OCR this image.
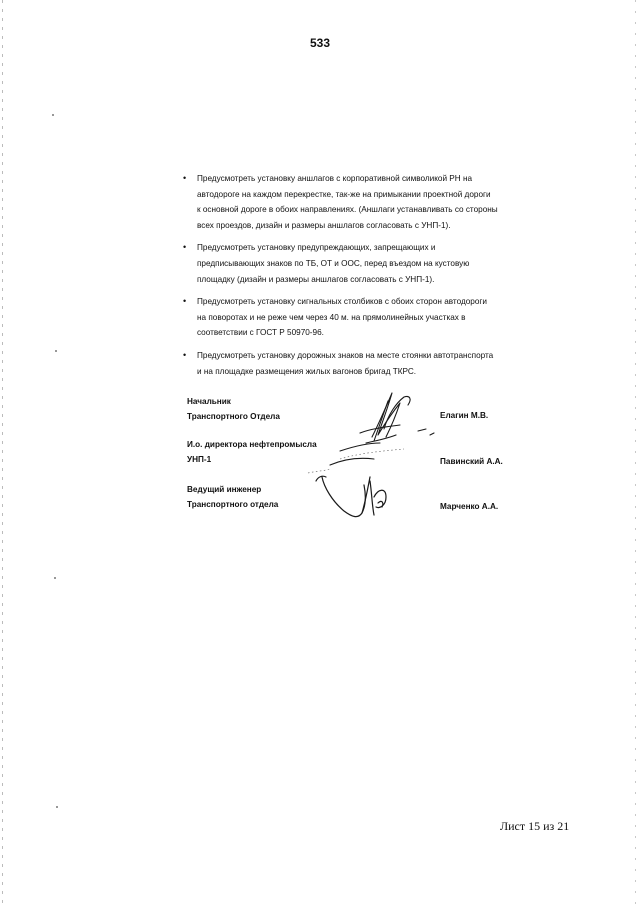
533
• Предусмотреть установку аншлагов с корпоративной символикой РН на
автодороге на каждом перекрестке, так-же на примыкании проектной дороги
к основной дороге в обоих направлениях. (Аншлаги устанавливать со стороны
всех проездов, дизайн и размеры аншлагов согласовать с УНП-1).
• Предусмотреть установку предупреждающих, запрещающих и
предписывающих знаков по ТБ, ОТ и ООС, перед въездом на кустовую
площадку (дизайн и размеры аншлагов согласовать с УНП-1).
• Предусмотреть установку сигнальных столбиков с обоих сторон автодороги
на поворотах и не реже чем через 40 м. на прямолинейных участках в
соответствии с ГОСТ Р 50970-96.
• Предусмотреть установку дорожных знаков на месте стоянки автотранспорта
и на площадке размещения жилых вагонов бригад ТКРС.
Начальник
Транспортного Отдела	Елагин М.В.
И.о. директора нефтепромысла
УНП-1	Павинский А.А.
Ведущий инженер
Транспортного отдела	Марченко А.А.
Лист 15 из 21
